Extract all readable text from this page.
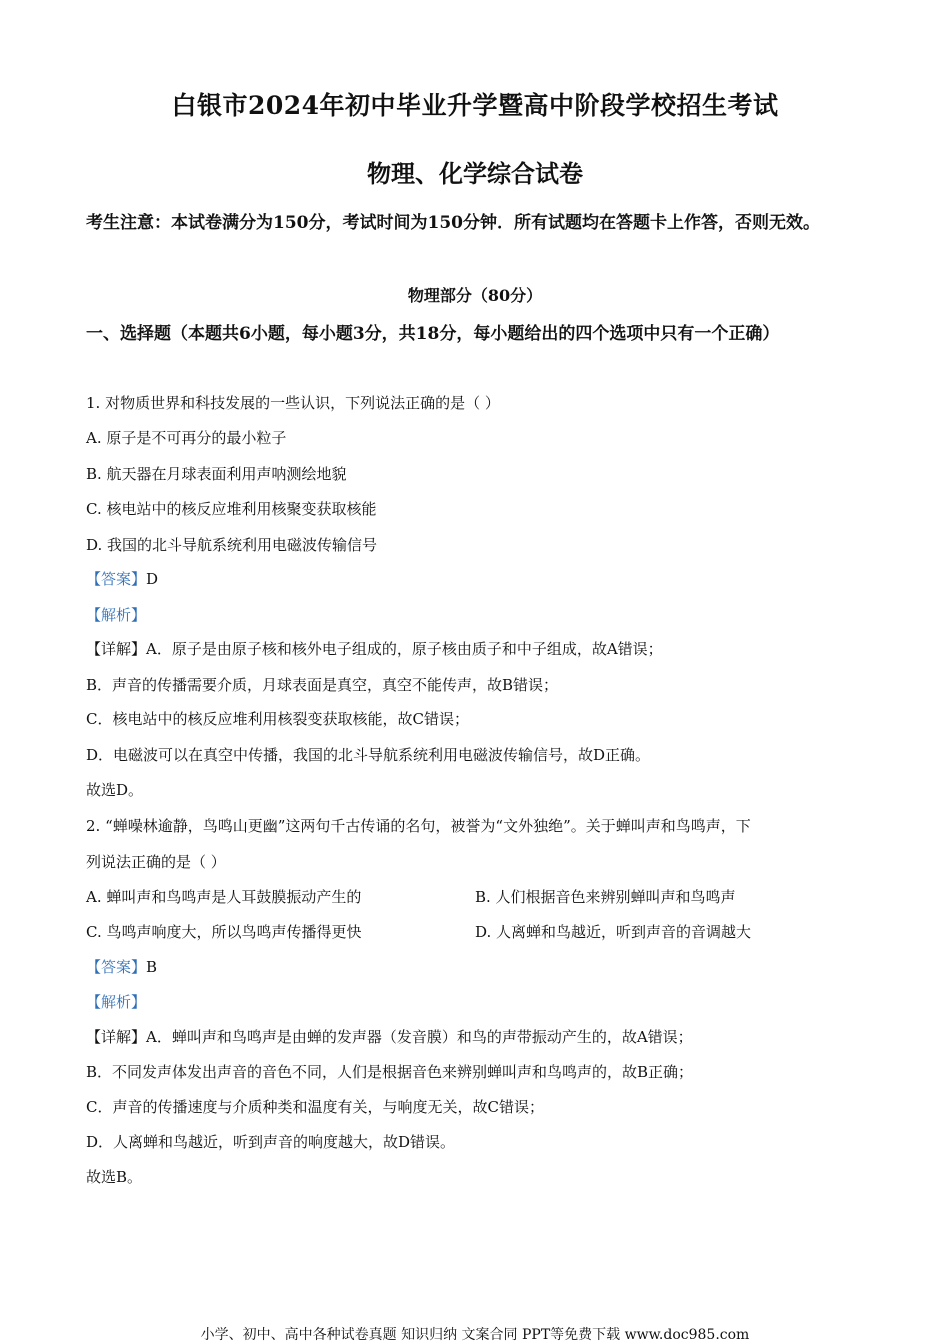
白银市2024年初中毕业升学暨高中阶段学校招生考试
物理、化学综合试卷
考生注意：本试卷满分为150分，考试时间为150分钟．所有试题均在答题卡上作答，否则无效。
物理部分（80分）
一、选择题（本题共6小题，每小题3分，共18分，每小题给出的四个选项中只有一个正确）
1. 对物质世界和科技发展的一些认识，下列说法正确的是（ ）
A. 原子是不可再分的最小粒子
B. 航天器在月球表面利用声呐测绘地貌
C. 核电站中的核反应堆利用核聚变获取核能
D. 我国的北斗导航系统利用电磁波传输信号
【答案】D
【解析】
【详解】A．原子是由原子核和核外电子组成的，原子核由质子和中子组成，故A错误；
B．声音的传播需要介质，月球表面是真空，真空不能传声，故B错误；
C．核电站中的核反应堆利用核裂变获取核能，故C错误；
D．电磁波可以在真空中传播，我国的北斗导航系统利用电磁波传输信号，故D正确。
故选D。
2. “蝉噪林逾静，鸟鸣山更幽”这两句千古传诵的名句，被誉为“文外独绝”。关于蝉叫声和鸟鸣声，下
列说法正确的是（ ）
A. 蝉叫声和鸟鸣声是人耳鼓膜振动产生的	B. 人们根据音色来辨别蝉叫声和鸟鸣声
C. 鸟鸣声响度大，所以鸟鸣声传播得更快	D. 人离蝉和鸟越近，听到声音的音调越大
【答案】B
【解析】
【详解】A．蝉叫声和鸟鸣声是由蝉的发声器（发音膜）和鸟的声带振动产生的，故A错误；
B．不同发声体发出声音的音色不同，人们是根据音色来辨别蝉叫声和鸟鸣声的，故B正确；
C．声音的传播速度与介质种类和温度有关，与响度无关，故C错误；
D．人离蝉和鸟越近，听到声音的响度越大，故D错误。
故选B。
小学、初中、高中各种试卷真题 知识归纳 文案合同 PPT等免费下载 www.doc985.com
